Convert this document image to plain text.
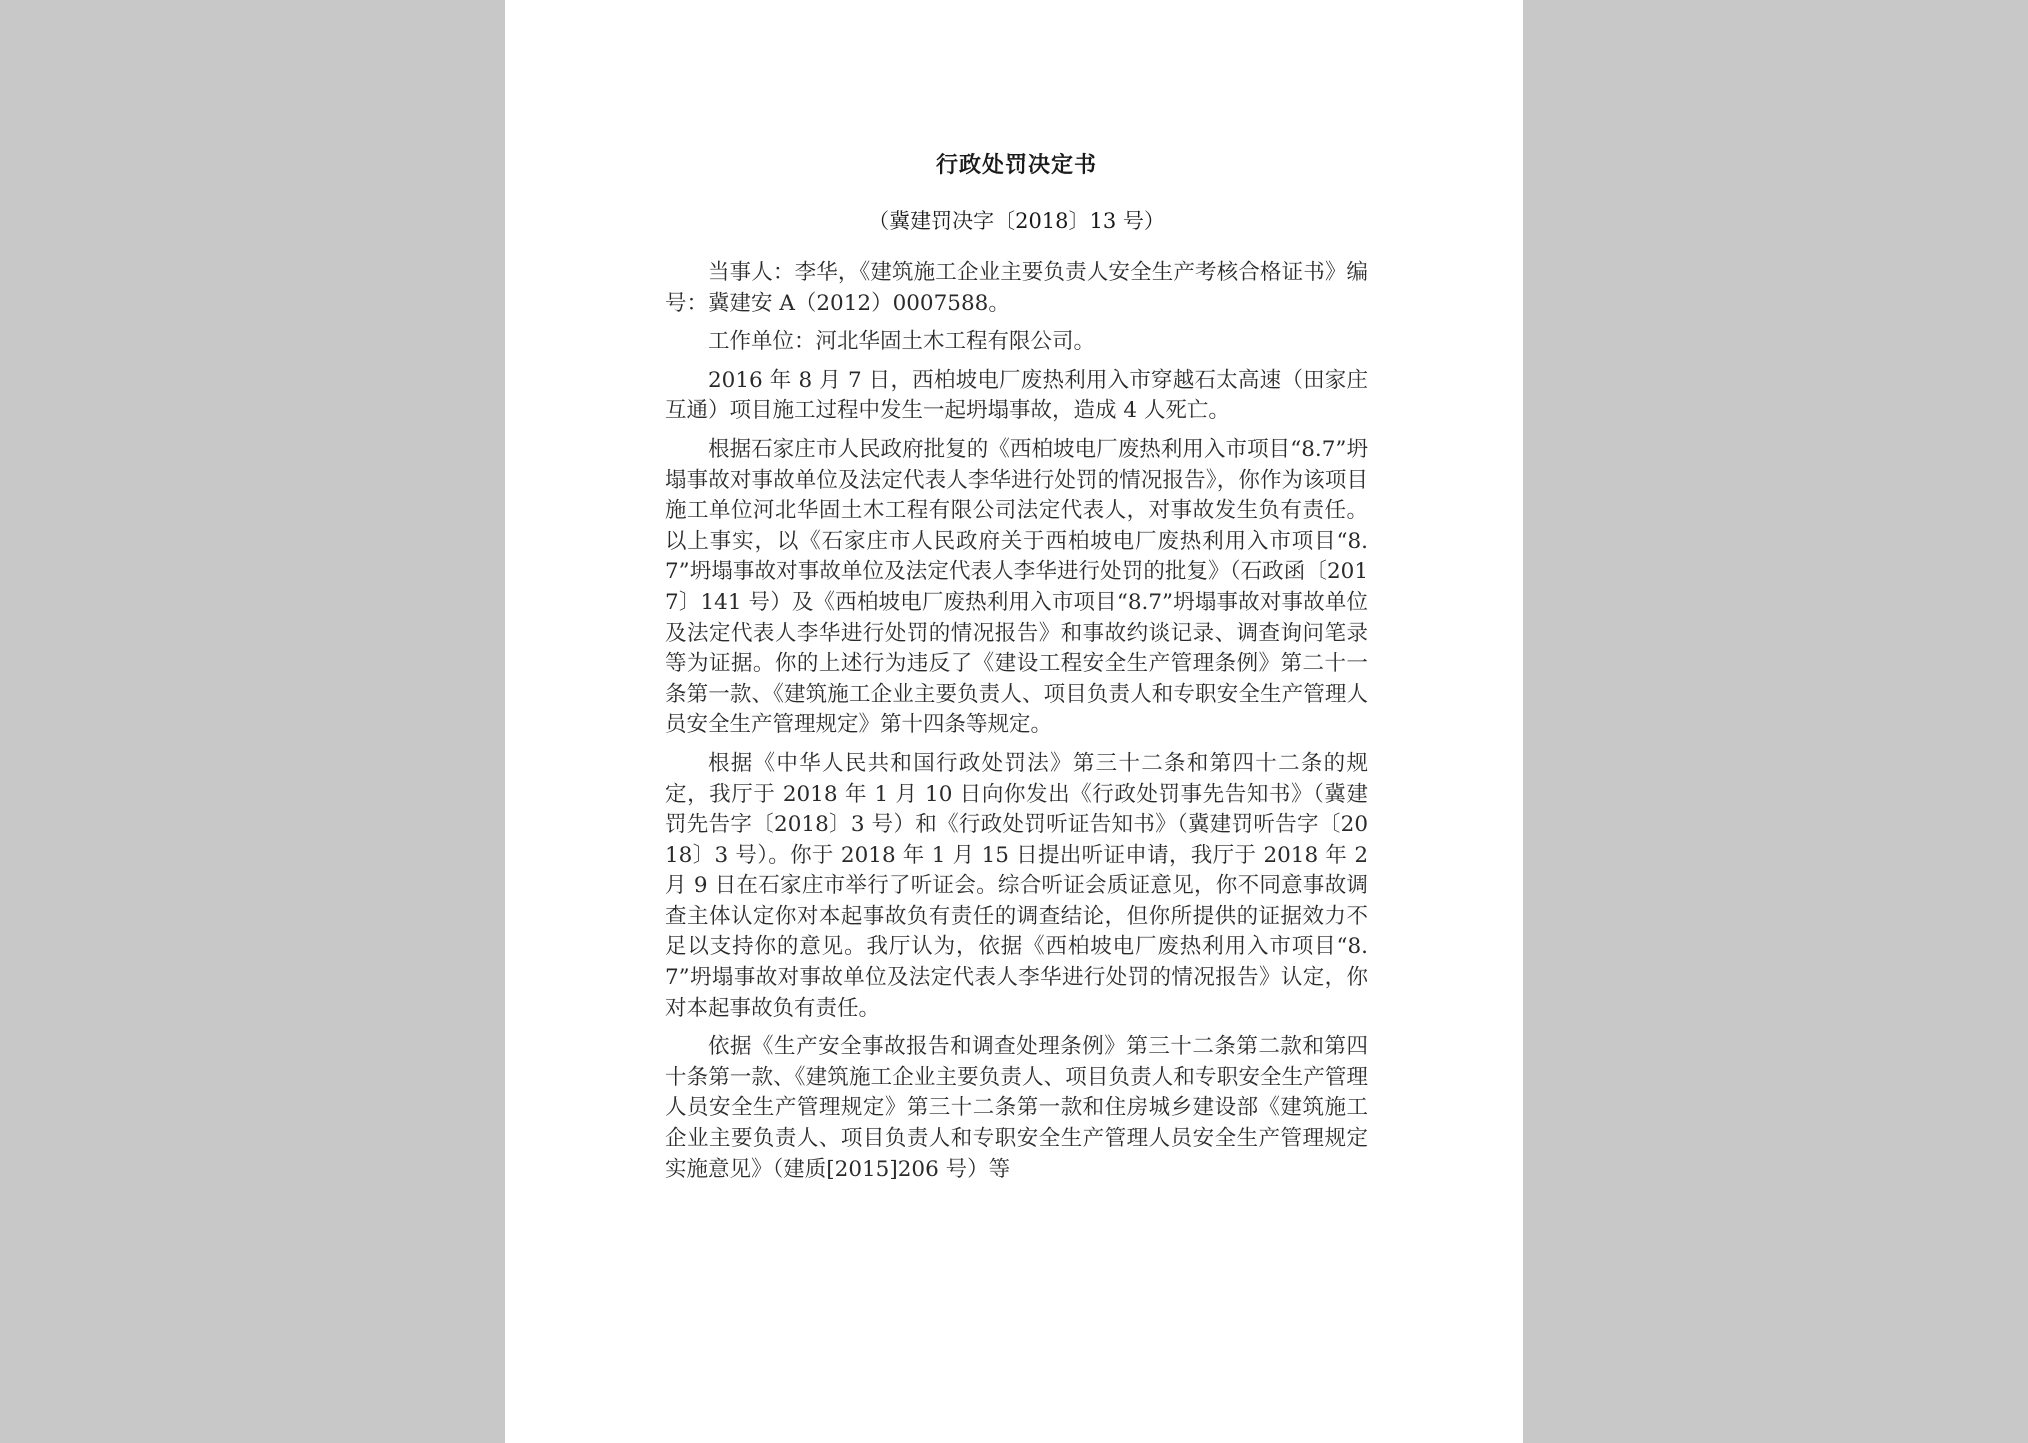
行政处罚决定书
（冀建罚决字〔2018〕13 号）

当事人：李华，《建筑施工企业主要负责人安全生产考核合格证书》编号：冀建安 A（2012）0007588。

工作单位：河北华固土木工程有限公司。

2016 年 8 月 7 日，西柏坡电厂废热利用入市穿越石太高速（田家庄互通）项目施工过程中发生一起坍塌事故，造成 4 人死亡。

根据石家庄市人民政府批复的《西柏坡电厂废热利用入市项目“8.7”坍塌事故对事故单位及法定代表人李华进行处罚的情况报告》，你作为该项目施工单位河北华固土木工程有限公司法定代表人，对事故发生负有责任。以上事实，以《石家庄市人民政府关于西柏坡电厂废热利用入市项目“8.7”坍塌事故对事故单位及法定代表人李华进行处罚的批复》（石政函〔2017〕141 号）及《西柏坡电厂废热利用入市项目“8.7”坍塌事故对事故单位及法定代表人李华进行处罚的情况报告》和事故约谈记录、调查询问笔录等为证据。你的上述行为违反了《建设工程安全生产管理条例》第二十一条第一款、《建筑施工企业主要负责人、项目负责人和专职安全生产管理人员安全生产管理规定》第十四条等规定。

根据《中华人民共和国行政处罚法》第三十二条和第四十二条的规定，我厅于 2018 年 1 月 10 日向你发出《行政处罚事先告知书》（冀建罚先告字〔2018〕3 号）和《行政处罚听证告知书》（冀建罚听告字〔2018〕3 号）。你于 2018 年 1 月 15 日提出听证申请，我厅于 2018 年 2 月 9 日在石家庄市举行了听证会。综合听证会质证意见，你不同意事故调查主体认定你对本起事故负有责任的调查结论，但你所提供的证据效力不足以支持你的意见。我厅认为，依据《西柏坡电厂废热利用入市项目“8.7”坍塌事故对事故单位及法定代表人李华进行处罚的情况报告》认定，你对本起事故负有责任。

依据《生产安全事故报告和调查处理条例》第三十二条第二款和第四十条第一款、《建筑施工企业主要负责人、项目负责人和专职安全生产管理人员安全生产管理规定》第三十二条第一款和住房城乡建设部《建筑施工企业主要负责人、项目负责人和专职安全生产管理人员安全生产管理规定实施意见》（建质[2015]206 号）等
